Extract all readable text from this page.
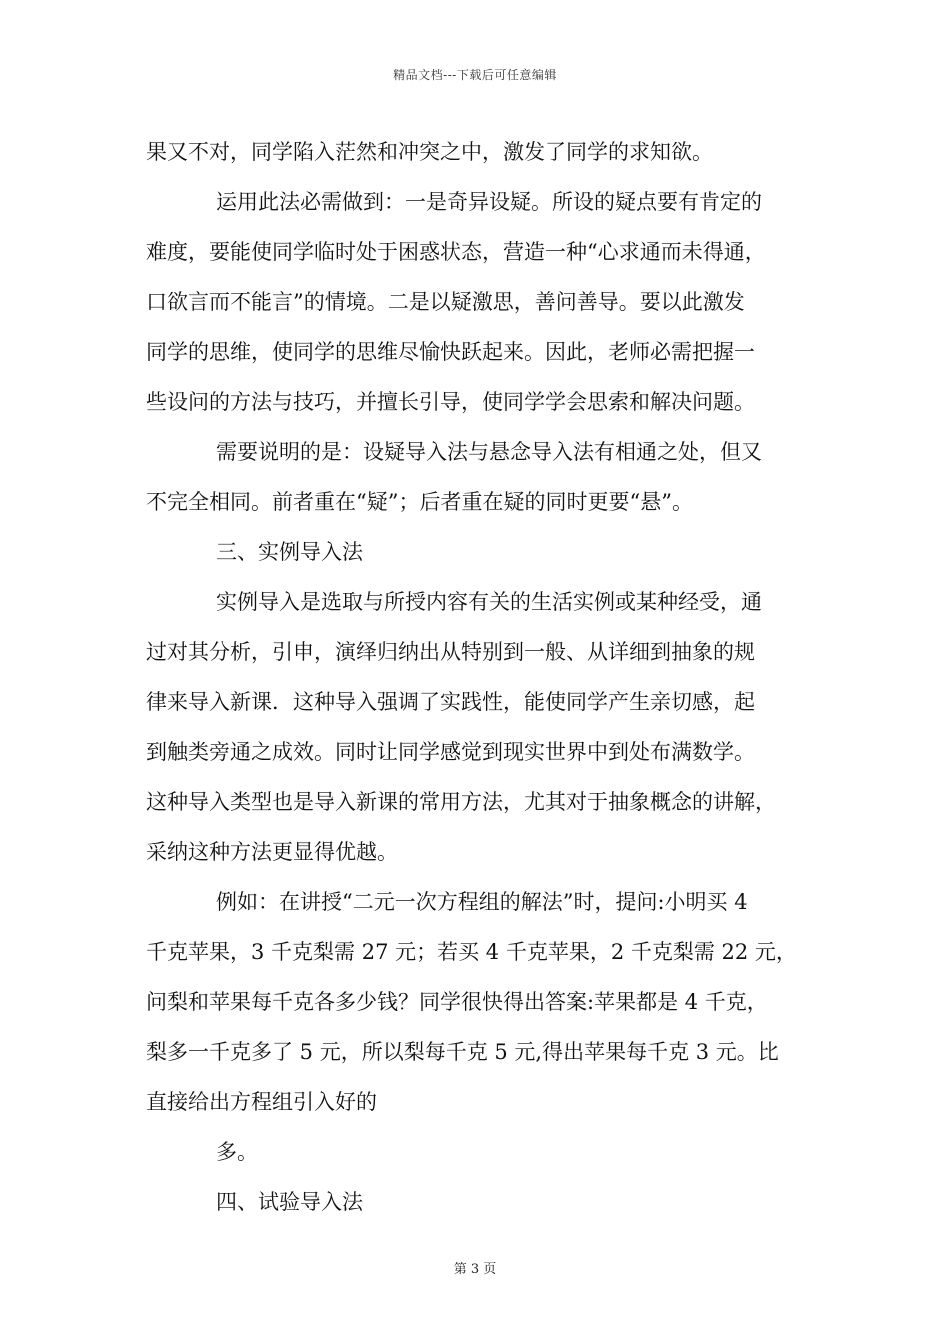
精品文档---下载后可任意编辑
果又不对，同学陷入茫然和冲突之中，激发了同学的求知欲。
运用此法必需做到：一是奇异设疑。所设的疑点要有肯定的
难度，要能使同学临时处于困惑状态，营造一种“心求通而未得通，
口欲言而不能言”的情境。二是以疑激思，善问善导。要以此激发
同学的思维，使同学的思维尽愉快跃起来。因此，老师必需把握一
些设问的方法与技巧，并擅长引导，使同学学会思索和解决问题。
需要说明的是：设疑导入法与悬念导入法有相通之处，但又
不完全相同。前者重在“疑”；后者重在疑的同时更要“悬”。
三、实例导入法
实例导入是选取与所授内容有关的生活实例或某种经受，通
过对其分析，引申，演绎归纳出从特别到一般、从详细到抽象的规
律来导入新课．这种导入强调了实践性，能使同学产生亲切感，起
到触类旁通之成效。同时让同学感觉到现实世界中到处布满数学。
这种导入类型也是导入新课的常用方法，尤其对于抽象概念的讲解，
采纳这种方法更显得优越。
例如：在讲授“二元一次方程组的解法”时，提问:小明买 4
千克苹果，3 千克梨需 27 元；若买 4 千克苹果，2 千克梨需 22 元，
问梨和苹果每千克各多少钱？同学很快得出答案:苹果都是 4 千克，
梨多一千克多了 5 元，所以梨每千克 5 元,得出苹果每千克 3 元。比
直接给出方程组引入好的
多。
四、试验导入法
第 3 页
